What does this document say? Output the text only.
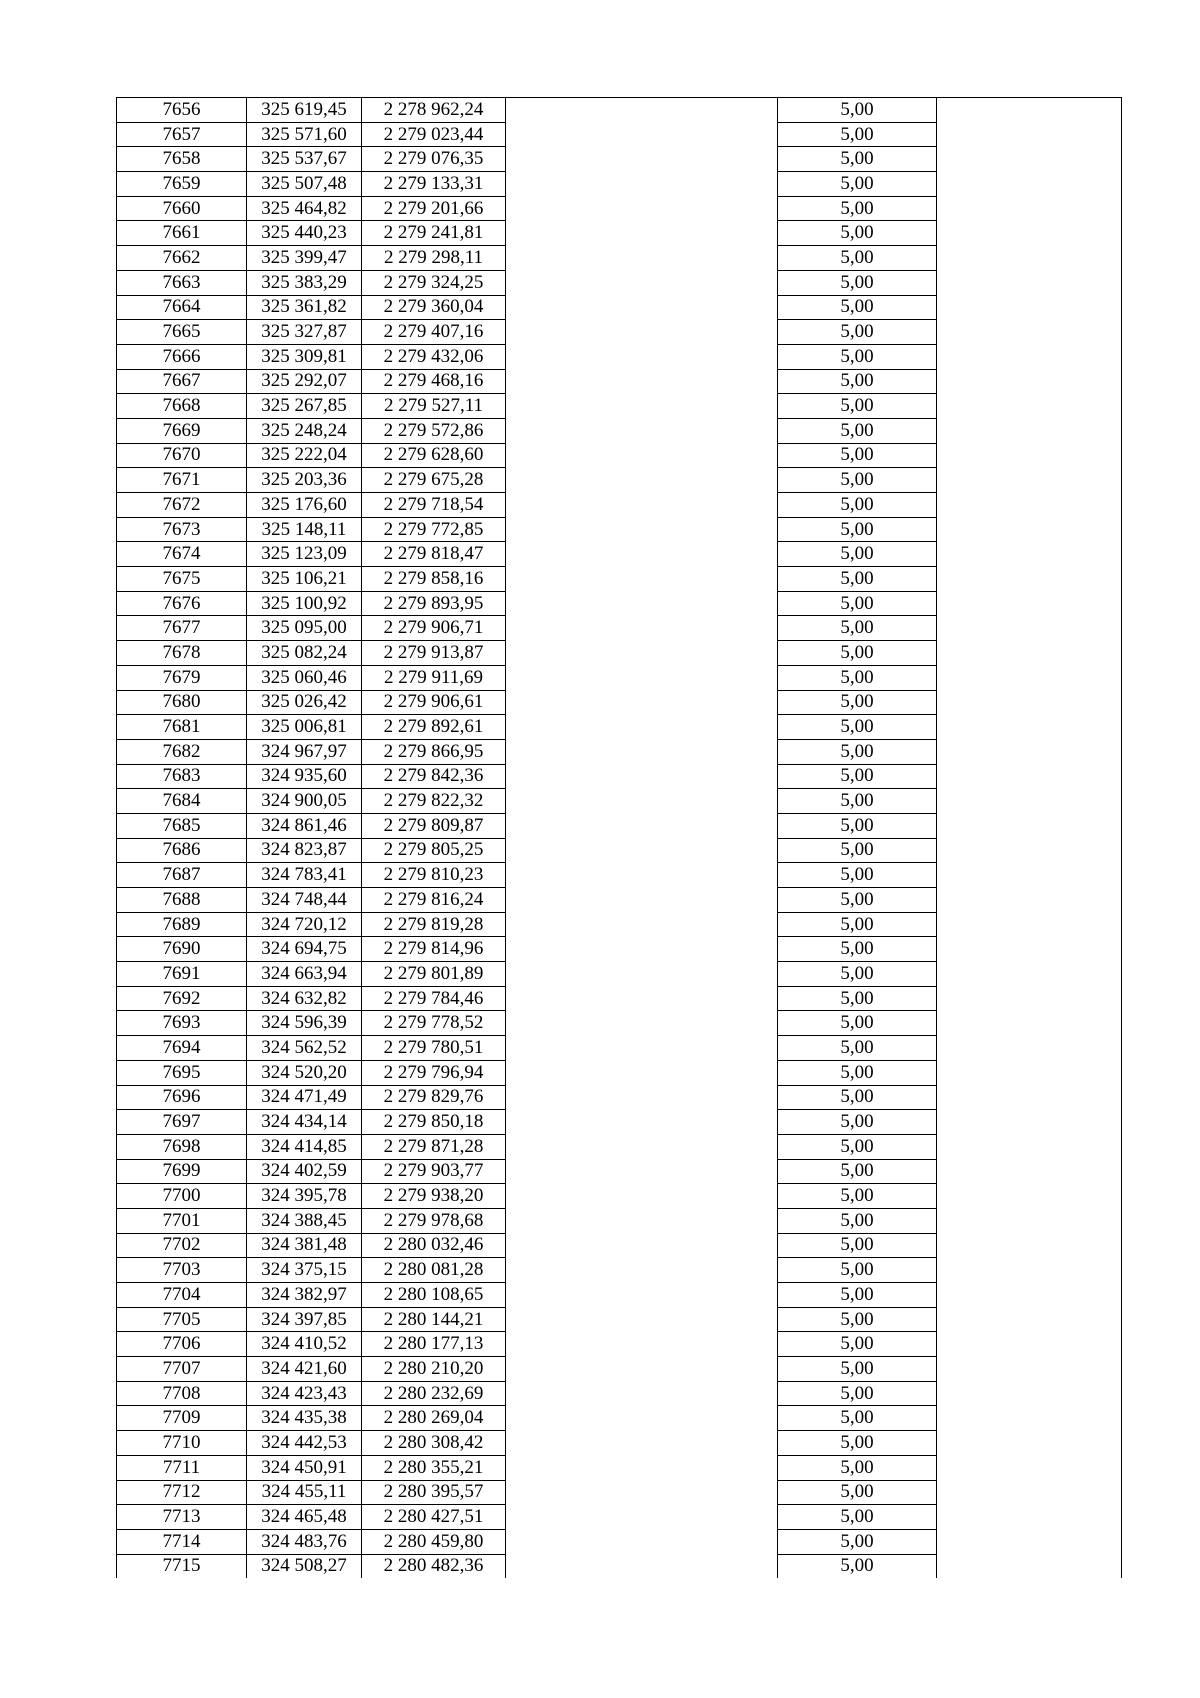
7656	325 619,45	2 278 962,24		5,00	
7657	325 571,60	2 279 023,44		5,00	
7658	325 537,67	2 279 076,35		5,00	
7659	325 507,48	2 279 133,31		5,00	
7660	325 464,82	2 279 201,66		5,00	
7661	325 440,23	2 279 241,81		5,00	
7662	325 399,47	2 279 298,11		5,00	
7663	325 383,29	2 279 324,25		5,00	
7664	325 361,82	2 279 360,04		5,00	
7665	325 327,87	2 279 407,16		5,00	
7666	325 309,81	2 279 432,06		5,00	
7667	325 292,07	2 279 468,16		5,00	
7668	325 267,85	2 279 527,11		5,00	
7669	325 248,24	2 279 572,86		5,00	
7670	325 222,04	2 279 628,60		5,00	
7671	325 203,36	2 279 675,28		5,00	
7672	325 176,60	2 279 718,54		5,00	
7673	325 148,11	2 279 772,85		5,00	
7674	325 123,09	2 279 818,47		5,00	
7675	325 106,21	2 279 858,16		5,00	
7676	325 100,92	2 279 893,95		5,00	
7677	325 095,00	2 279 906,71		5,00	
7678	325 082,24	2 279 913,87		5,00	
7679	325 060,46	2 279 911,69		5,00	
7680	325 026,42	2 279 906,61		5,00	
7681	325 006,81	2 279 892,61		5,00	
7682	324 967,97	2 279 866,95		5,00	
7683	324 935,60	2 279 842,36		5,00	
7684	324 900,05	2 279 822,32		5,00	
7685	324 861,46	2 279 809,87		5,00	
7686	324 823,87	2 279 805,25		5,00	
7687	324 783,41	2 279 810,23		5,00	
7688	324 748,44	2 279 816,24		5,00	
7689	324 720,12	2 279 819,28		5,00	
7690	324 694,75	2 279 814,96		5,00	
7691	324 663,94	2 279 801,89		5,00	
7692	324 632,82	2 279 784,46		5,00	
7693	324 596,39	2 279 778,52		5,00	
7694	324 562,52	2 279 780,51		5,00	
7695	324 520,20	2 279 796,94		5,00	
7696	324 471,49	2 279 829,76		5,00	
7697	324 434,14	2 279 850,18		5,00	
7698	324 414,85	2 279 871,28		5,00	
7699	324 402,59	2 279 903,77		5,00	
7700	324 395,78	2 279 938,20		5,00	
7701	324 388,45	2 279 978,68		5,00	
7702	324 381,48	2 280 032,46		5,00	
7703	324 375,15	2 280 081,28		5,00	
7704	324 382,97	2 280 108,65		5,00	
7705	324 397,85	2 280 144,21		5,00	
7706	324 410,52	2 280 177,13		5,00	
7707	324 421,60	2 280 210,20		5,00	
7708	324 423,43	2 280 232,69		5,00	
7709	324 435,38	2 280 269,04		5,00	
7710	324 442,53	2 280 308,42		5,00	
7711	324 450,91	2 280 355,21		5,00	
7712	324 455,11	2 280 395,57		5,00	
7713	324 465,48	2 280 427,51		5,00	
7714	324 483,76	2 280 459,80		5,00	
7715	324 508,27	2 280 482,36		5,00	
